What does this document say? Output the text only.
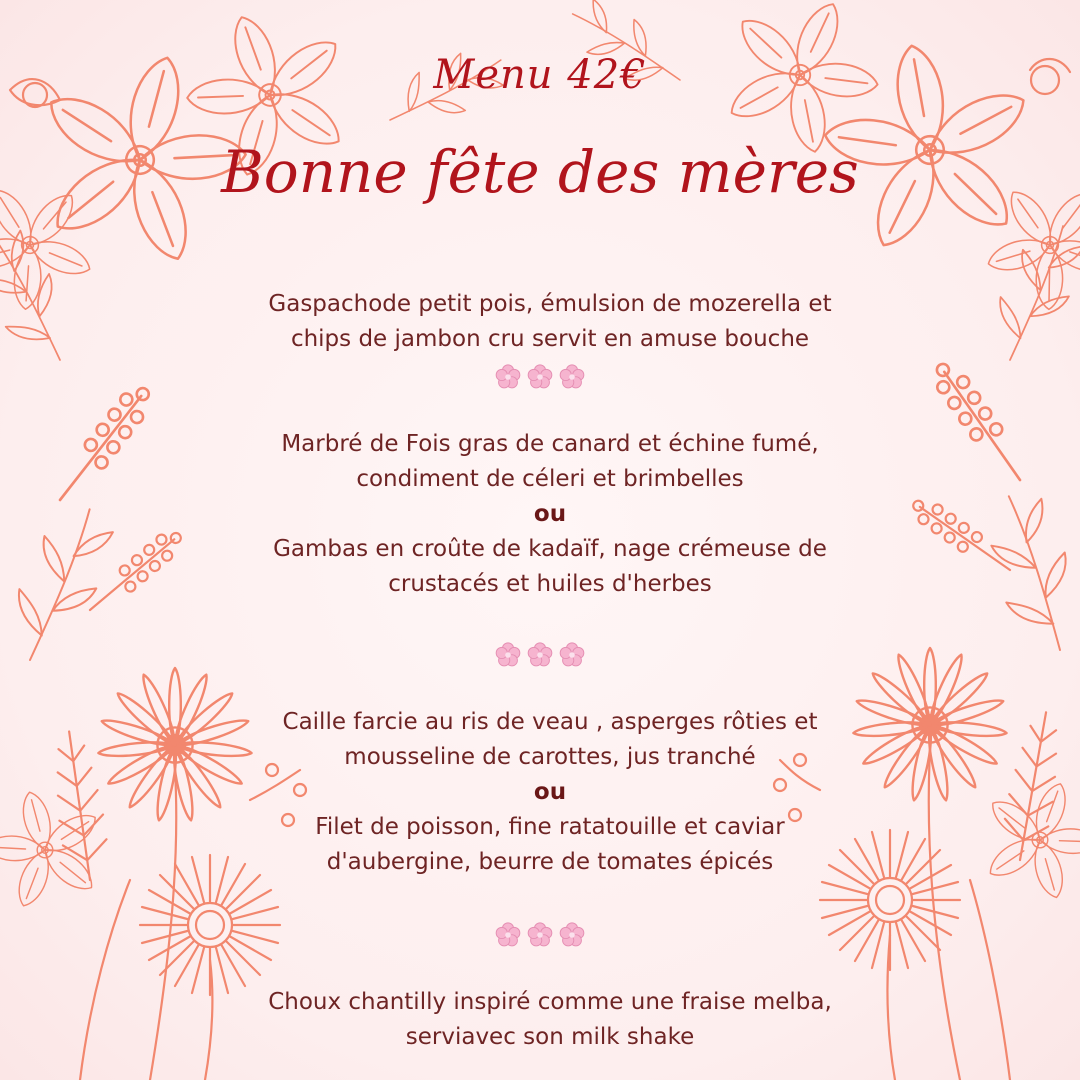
Menu 42€
Bonne fête des mères
Gaspachode petit pois, émulsion de mozerella et
chips de jambon cru servit en amuse bouche
Marbré de Fois gras de canard et échine fumé,
condiment de céleri et brimbelles
ou
Gambas en croûte de kadaïf, nage crémeuse de
crustacés et huiles d'herbes
Caille farcie au ris de veau , asperges rôties et
mousseline de carottes, jus tranché
ou
Filet de poisson, fine ratatouille et caviar
d'aubergine, beurre de tomates épicés
Choux chantilly inspiré comme une fraise melba,
serviavec son milk shake
